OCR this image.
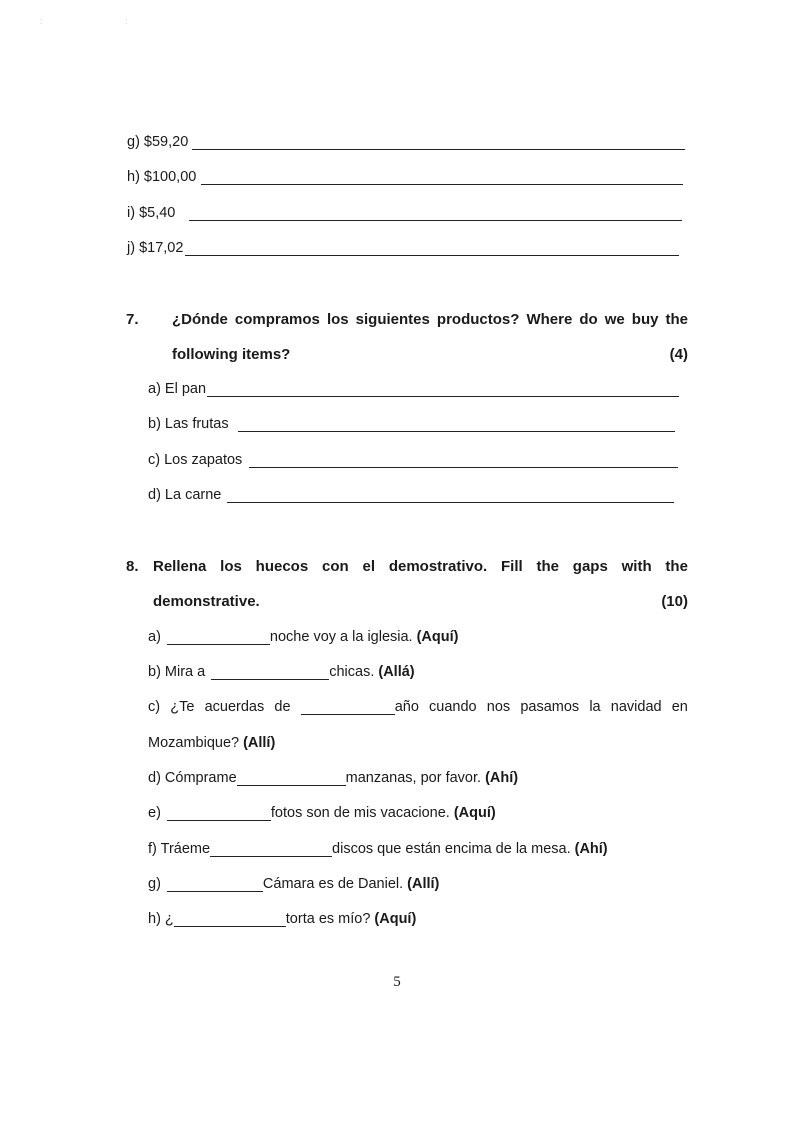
: :
g) $59,20
h) $100,00
i) $5,40
j) $17,02
7. ¿Dónde compramos los siguientes productos? Where do we buy the
following items?	(4)
a) El pan
b) Las frutas
c) Los zapatos
d) La carne
8. Rellena los huecos con el demostrativo. Fill the gaps with the
demonstrative.	(10)
a)	noche voy a la iglesia. (Aquí)
b) Mira a	chicas. (Allá)
c) ¿Te acuerdas de	año cuando nos pasamos la navidad en
Mozambique? (Allí)
d) Cómprame	manzanas, por favor. (Ahí)
e)	fotos son de mis vacacione. (Aquí)
f) Tráeme	discos que están encima de la mesa. (Ahí)
g)	Cámara es de Daniel. (Allí)
h) ¿	torta es mío? (Aquí)
5
